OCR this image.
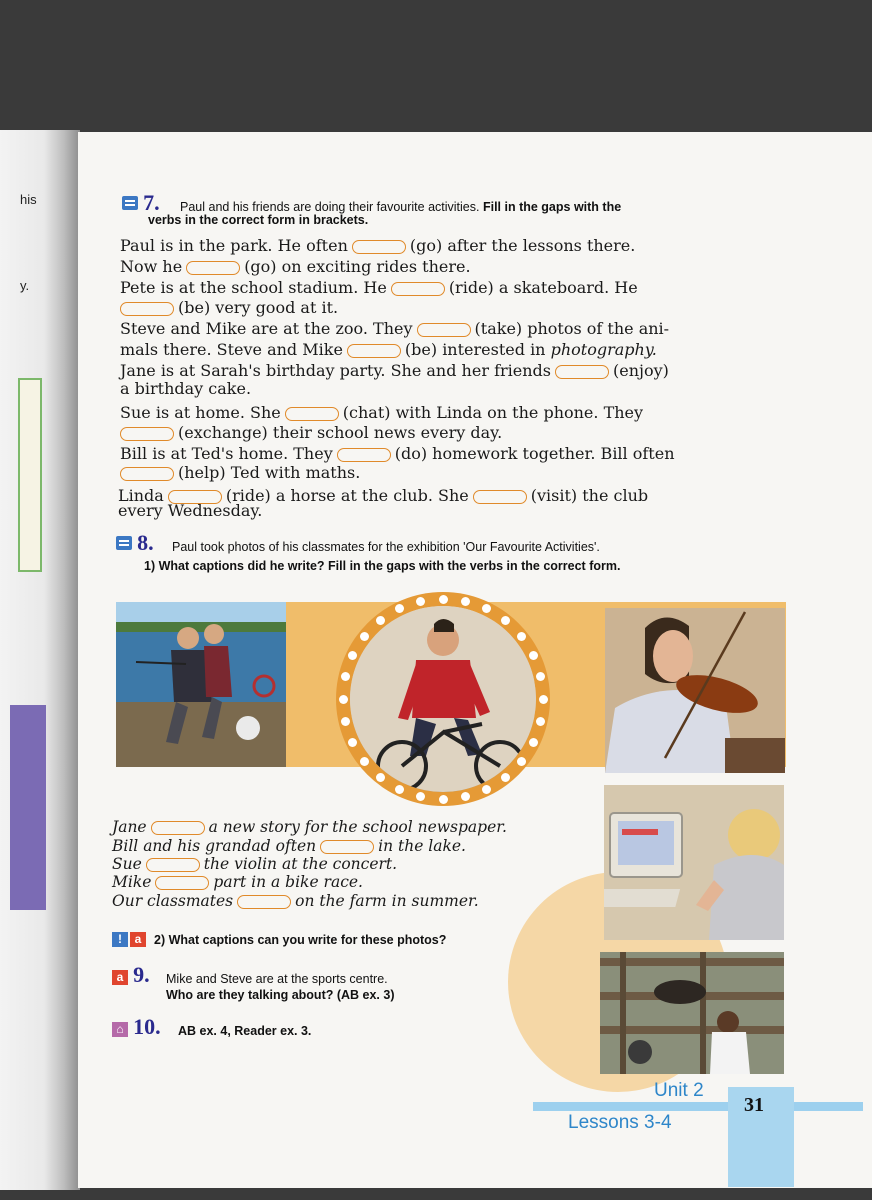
his
y.
7. Paul and his friends are doing their favourite activities. Fill in the gaps with the
verbs in the correct form in brackets.
Paul is in the park. He often	(go) after the lessons there.
Now he	(go) on exciting rides there.
Pete is at the school stadium. He	(ride) a skateboard. He
(be) very good at it.
Steve and Mike are at the zoo. They	(take) photos of the ani-
mals there. Steve and Mike	(be) interested in photography.
Jane is at Sarah's birthday party. She and her friends	(enjoy)
a birthday cake.
Sue is at home. She	(chat) with Linda on the phone. They
(exchange) their school news every day.
Bill is at Ted's home. They	(do) homework together. Bill often
(help) Ted with maths.
Linda	(ride) a horse at the club. She	(visit) the club
every Wednesday.
8. Paul took photos of his classmates for the exhibition 'Our Favourite Activities'.
1) What captions did he write? Fill in the gaps with the verbs in the correct form.
Jane	a new story for the school newspaper.
Bill and his grandad often	in the lake.
Sue	the violin at the concert.
Mike	part in a bike race.
Our classmates	on the farm in summer.
! a	2) What captions can you write for these photos?
a 9. Mike and Steve are at the sports centre.
Who are they talking about? (AB ex. 3)
⌂ 10. AB ex. 4, Reader ex. 3.
Unit 2
Lessons 3-4
31
